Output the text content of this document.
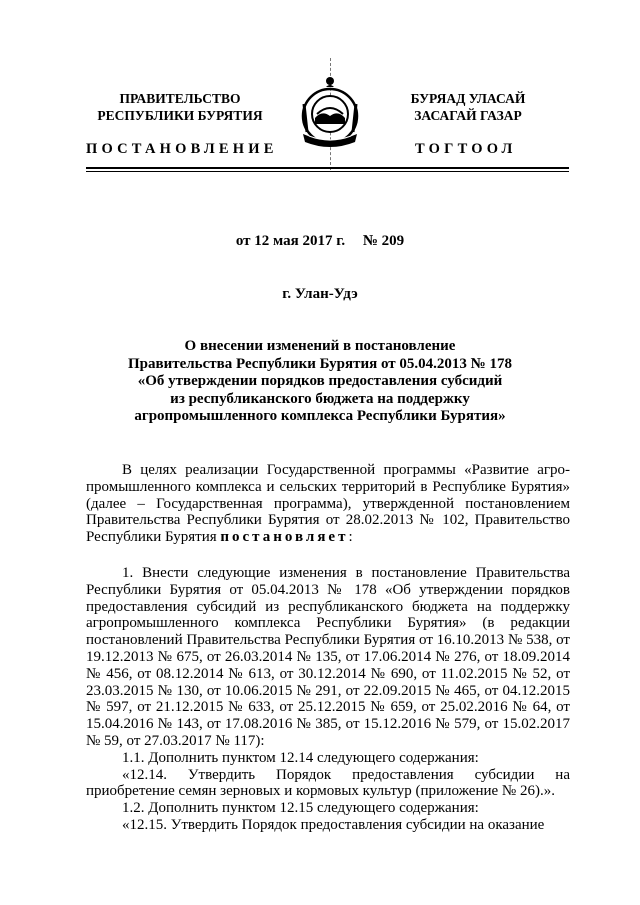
ПРАВИТЕЛЬСТВО
РЕСПУБЛИКИ БУРЯТИЯ
БУРЯАД УЛАСАЙ
ЗАСАГАЙ ГАЗАР
ПОСТАНОВЛЕНИЕ	ТОГТООЛ
от 12 мая 2017 г. № 209
г. Улан-Удэ
О внесении изменений в постановление
Правительства Республики Бурятия от 05.04.2013 № 178
«Об утверждении порядков предоставления субсидий
из республиканского бюджета на поддержку
агропромышленного комплекса Республики Бурятия»

В целях реализации Государственной программы «Развитие агро-промышленного комплекса и сельских территорий в Республике Бурятия» (далее – Государственная программа), утвержденной постановлением Правительства Республики Бурятия от 28.02.2013 № 102, Правительство Республики Бурятия постановляет:

1. Внести следующие изменения в постановление Правительства Республики Бурятия от 05.04.2013 № 178 «Об утверждении порядков предоставления субсидий из республиканского бюджета на поддержку агропромышленного комплекса Республики Бурятия» (в редакции постановлений Правительства Республики Бурятия от 16.10.2013 № 538, от 19.12.2013 № 675, от 26.03.2014 № 135, от 17.06.2014 № 276, от 18.09.2014 № 456, от 08.12.2014 № 613, от 30.12.2014 № 690, от 11.02.2015 № 52, от 23.03.2015 № 130, от 10.06.2015 № 291, от 22.09.2015 № 465, от 04.12.2015 № 597, от 21.12.2015 № 633, от 25.12.2015 № 659, от 25.02.2016 № 64, от 15.04.2016 № 143, от 17.08.2016 № 385, от 15.12.2016 № 579, от 15.02.2017 № 59, от 27.03.2017 № 117):

1.1. Дополнить пунктом 12.14 следующего содержания:

«12.14. Утвердить Порядок предоставления субсидии на приобретение семян зерновых и кормовых культур (приложение № 26).».

1.2. Дополнить пунктом 12.15 следующего содержания:

«12.15. Утвердить Порядок предоставления субсидии на оказание
